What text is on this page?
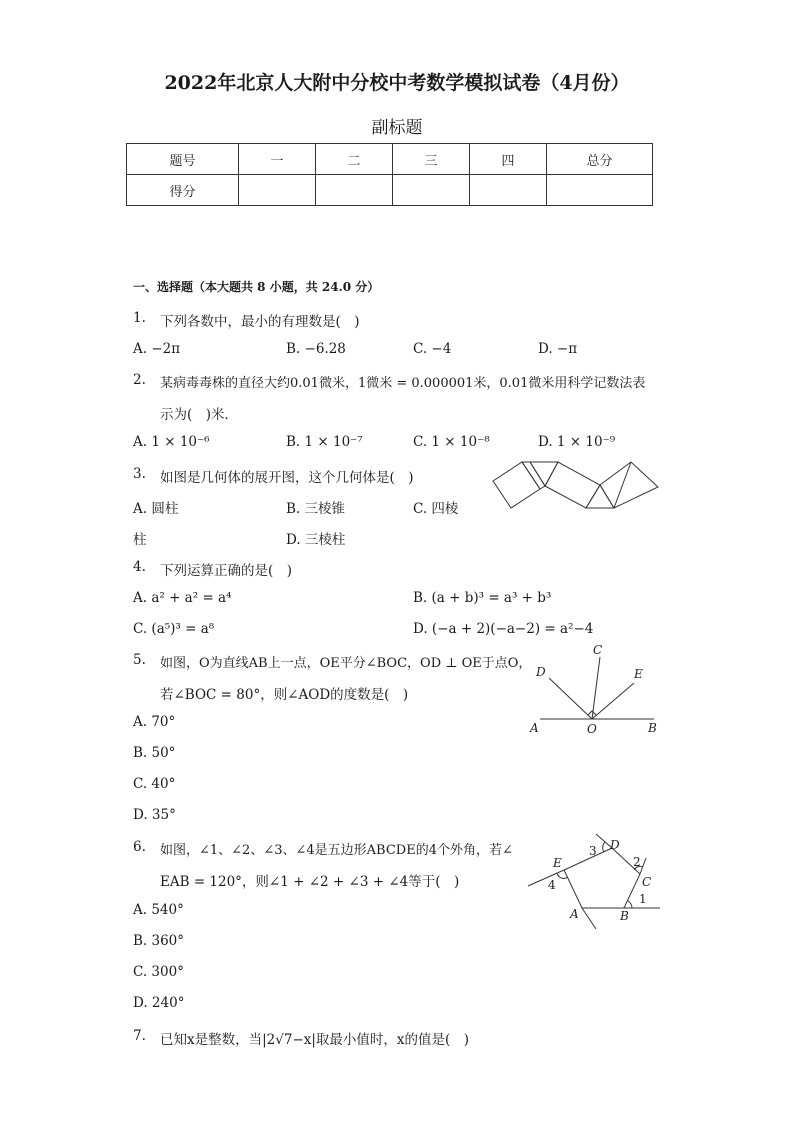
2022年北京人大附中分校中考数学模拟试卷（4月份）
副标题
题号	一	二	三	四	总分
得分					
一、选择题（本大题共 8 小题，共 24.0 分）
1. 下列各数中，最小的有理数是(　)
A. −2π	B. −6.28	C. −4	D. −π
2. 某病毒毒株的直径大约0.01微米，1微米 = 0.000001米，0.01微米用科学记数法表
示为(　)米．
A. 1 × 10⁻⁶	B. 1 × 10⁻⁷	C. 1 × 10⁻⁸	D. 1 × 10⁻⁹
3. 如图是几何体的展开图，这个几何体是(　)
A. 圆柱	B. 三棱锥	C. 四棱
柱	D. 三棱柱
4. 下列运算正确的是(　)
A. a² + a² = a⁴	B. (a + b)³ = a³ + b³
C. (a⁵)³ = a⁸	D. (−a + 2)(−a−2) = a²−4
5. 如图，O为直线AB上一点，OE平分∠BOC，OD ⊥ OE于点O，
若∠BOC = 80°，则∠AOD的度数是(　)
A. 70°
B. 50°
C. 40°
D. 35°
A	O	B
C
D	E
6. 如图，∠1、∠2、∠3、∠4是五边形ABCDE的4个外角，若∠
EAB = 120°，则∠1 + ∠2 + ∠3 + ∠4等于(　)
A. 540°
B. 360°
C. 300°
D. 240°
E
D
C
B
A
1
2
3
4
7. 已知x是整数，当|2√7−x|取最小值时，x的值是(　)
